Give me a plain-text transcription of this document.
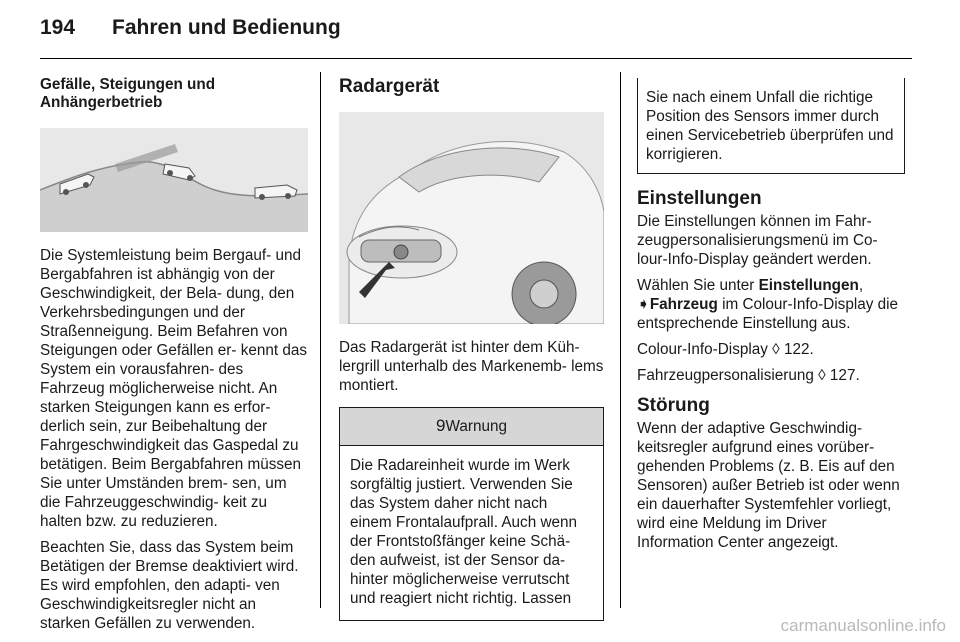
194 Fahren und Bedienung
Gefälle, Steigungen und Anhängerbetrieb

Die Systemleistung beim Bergauf- und Bergabfahren ist abhängig von der Geschwindigkeit, der Bela- dung, den Verkehrsbedingungen und der Straßenneigung. Beim Befahren von Steigungen oder Gefällen er- kennt das System ein vorausfahren- des Fahrzeug möglicherweise nicht. An starken Steigungen kann es erfor- derlich sein, zur Beibehaltung der Fahrgeschwindigkeit das Gaspedal zu betätigen. Beim Bergabfahren müssen Sie unter Umständen brem- sen, um die Fahrzeuggeschwindig- keit zu halten bzw. zu reduzieren.

Beachten Sie, dass das System beim Betätigen der Bremse deaktiviert wird. Es wird empfohlen, den adapti- ven Geschwindigkeitsregler nicht an starken Gefällen zu verwenden.

Radargerät

Das Radargerät ist hinter dem Küh- lergrill unterhalb des Markenemb- lems montiert.

9Warnung
Die Radareinheit wurde im Werk sorgfältig justiert. Verwenden Sie das System daher nicht nach einem Frontalaufprall. Auch wenn der Frontstoßfänger keine Schä- den aufweist, ist der Sensor da- hinter möglicherweise verrutscht und reagiert nicht richtig. Lassen
Sie nach einem Unfall die richtige Position des Sensors immer durch einen Servicebetrieb überprüfen und korrigieren.
Einstellungen

Die Einstellungen können im Fahr- zeugpersonalisierungsmenü im Co- lour-Info-Display geändert werden.

Wählen Sie unter Einstellungen, ➧Fahrzeug im Colour-Info-Display die entsprechende Einstellung aus.

Colour-Info-Display ◊ 122.

Fahrzeugpersonalisierung ◊ 127.

Störung

Wenn der adaptive Geschwindig- keitsregler aufgrund eines vorüber- gehenden Problems (z. B. Eis auf den Sensoren) außer Betrieb ist oder wenn ein dauerhafter Systemfehler vorliegt, wird eine Meldung im Driver Information Center angezeigt.

carmanualsonline.info
